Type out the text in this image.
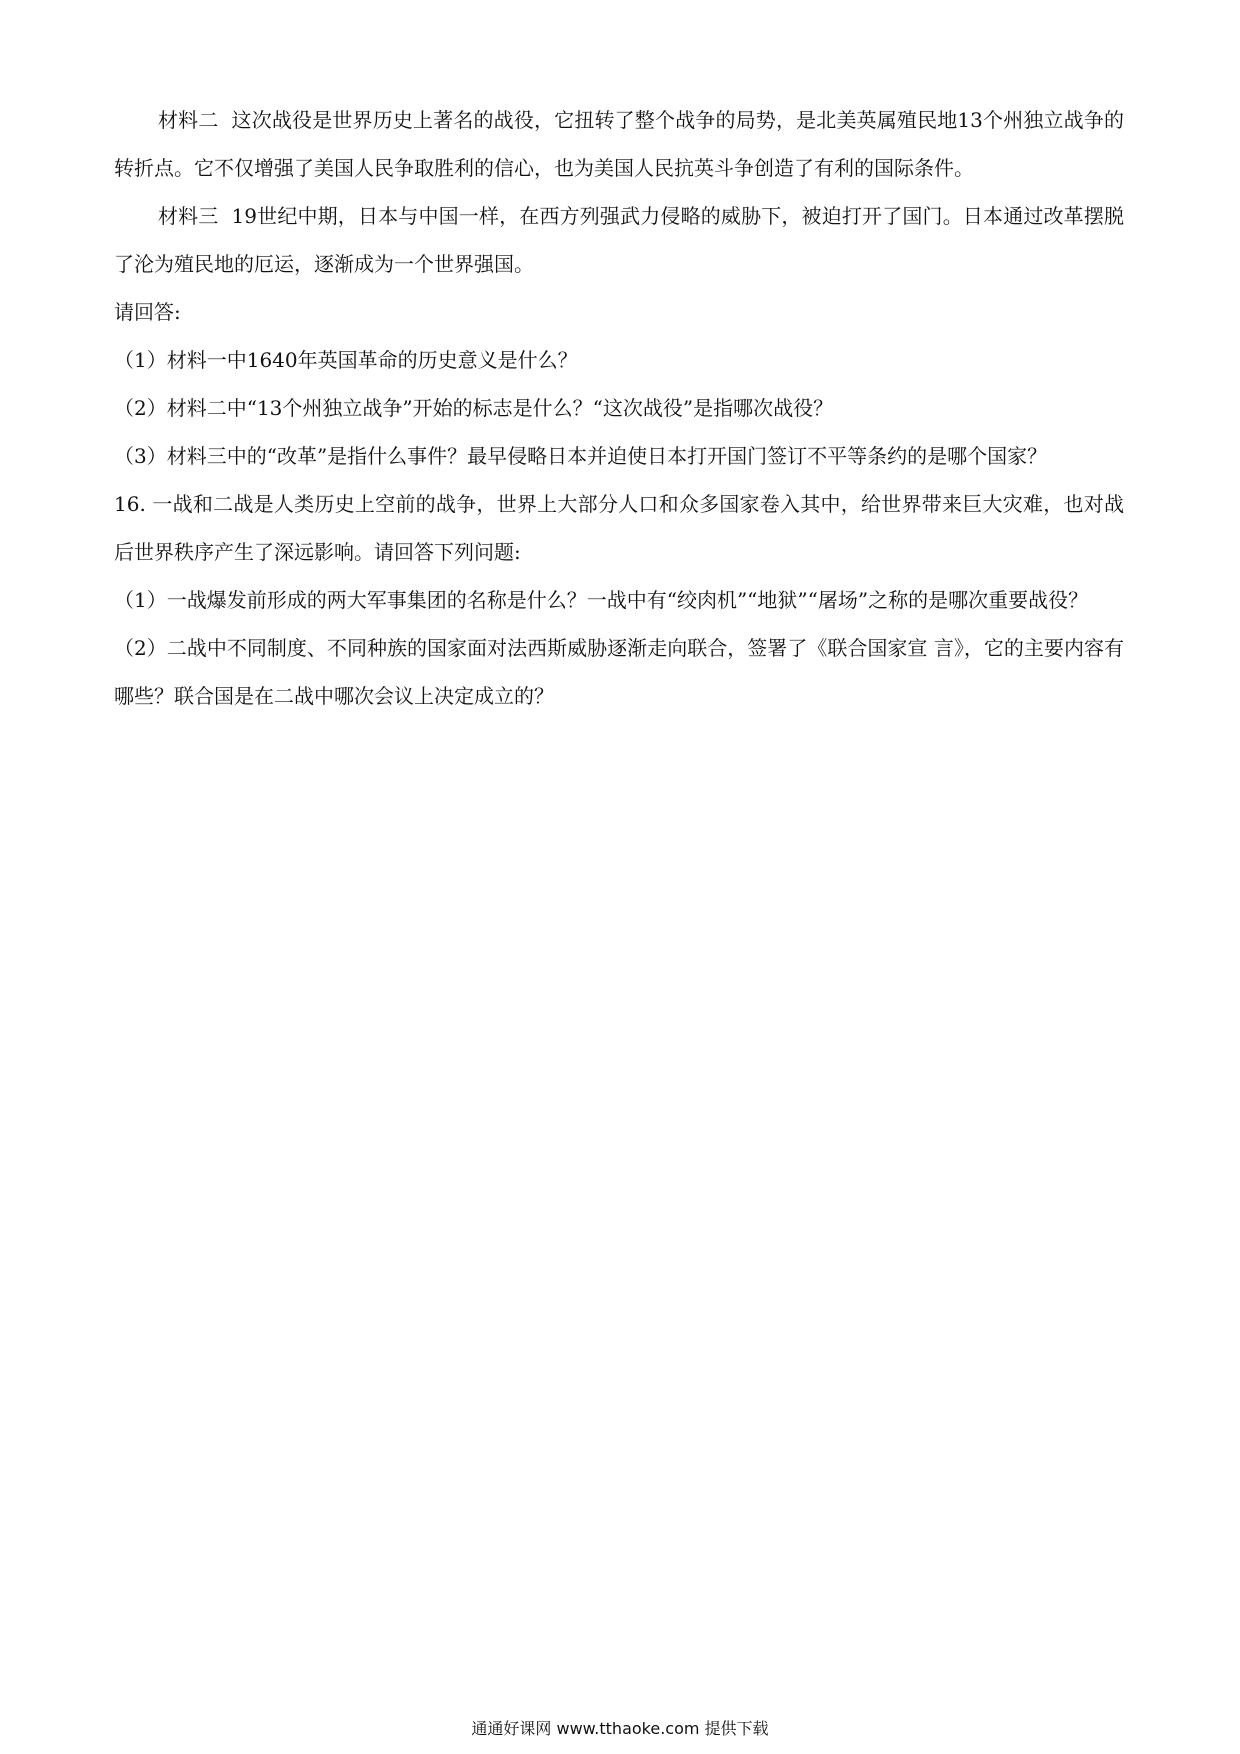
材料二 这次战役是世界历史上著名的战役，它扭转了整个战争的局势，是北美英属殖民地13个州独立战争的转折点。它不仅增强了美国人民争取胜利的信心，也为美国人民抗英斗争创造了有利的国际条件。

材料三 19世纪中期，日本与中国一样，在西方列强武力侵略的威胁下，被迫打开了国门。日本通过改革摆脱了沦为殖民地的厄运，逐渐成为一个世界强国。

请回答:

（1）材料一中1640年英国革命的历史意义是什么？

（2）材料二中“13个州独立战争”开始的标志是什么？“这次战役”是指哪次战役？

（3）材料三中的“改革”是指什么事件？最早侵略日本并迫使日本打开国门签订不平等条约的是哪个国家？

16. 一战和二战是人类历史上空前的战争，世界上大部分人口和众多国家卷入其中，给世界带来巨大灾难，也对战后世界秩序产生了深远影响。请回答下列问题:

（1）一战爆发前形成的两大军事集团的名称是什么？一战中有“绞肉机”“地狱”“屠场”之称的是哪次重要战役？

（2）二战中不同制度、不同种族的国家面对法西斯威胁逐渐走向联合，签署了《联合国家宣 言》，它的主要内容有哪些？联合国是在二战中哪次会议上决定成立的？

通通好课网 www.tthaoke.com 提供下载
